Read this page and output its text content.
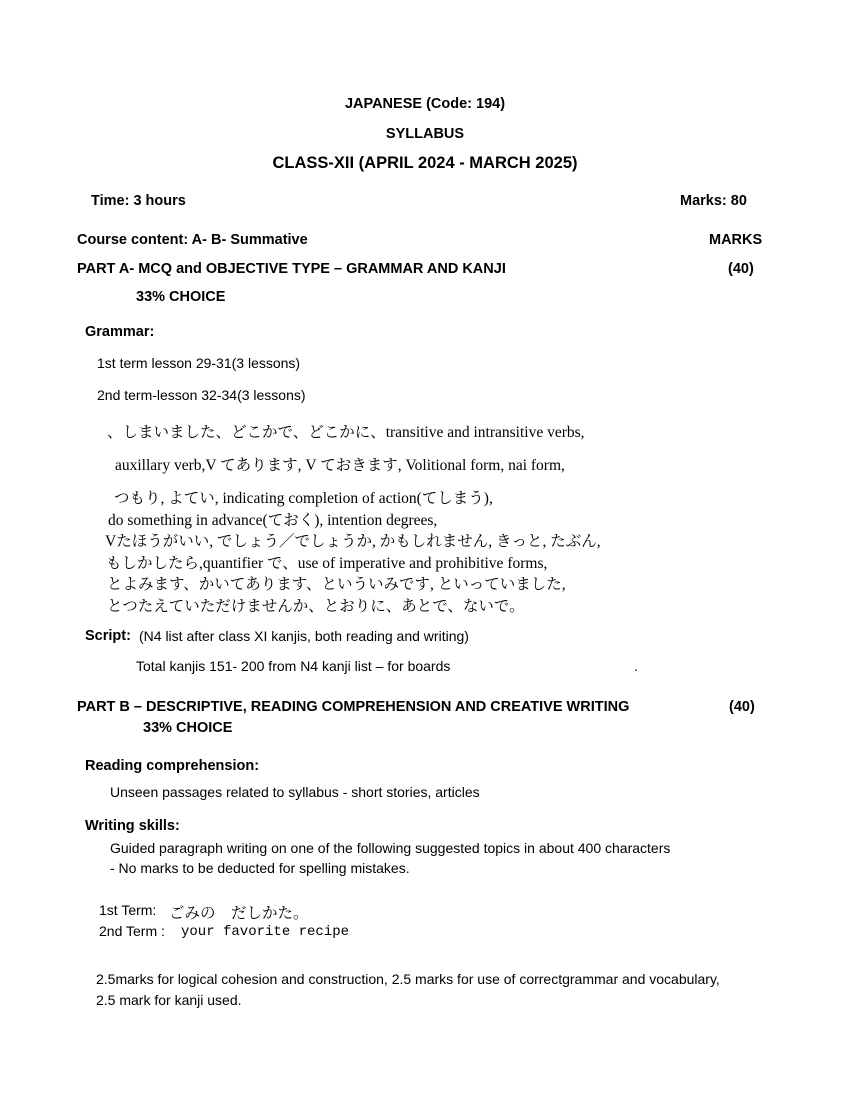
JAPANESE (Code: 194)
SYLLABUS
CLASS-XII (APRIL 2024 - MARCH 2025)
Time: 3 hours	Marks: 80
Course content: A- B- Summative	MARKS
PART A- MCQ and OBJECTIVE TYPE – GRAMMAR AND KANJI	(40)
33% CHOICE
Grammar:
1st term lesson 29-31(3 lessons)
2nd term-lesson 32-34(3 lessons)
、しまいました、どこかで、どこかに、transitive and intransitive verbs,
auxillary verb,V てあります, V ておきます, Volitional form, nai form,
つもり, よてい, indicating completion of action(てしまう),
do something in advance(ておく), intention degrees,
Vたほうがいい, でしょう／でしょうか, かもしれません, きっと, たぶん,
もしかしたら,quantifier で、use of imperative and prohibitive forms,
とよみます、かいてあります、といういみです, といっていました,
とつたえていただけませんか、とおりに、あとで、ないで。
Script: (N4 list after class XI kanjis, both reading and writing)
Total kanjis 151- 200 from N4 kanji list – for boards	.
PART B – DESCRIPTIVE, READING COMPREHENSION AND CREATIVE WRITING	(40)
33% CHOICE
Reading comprehension:
Unseen passages related to syllabus - short stories, articles
Writing skills:
Guided paragraph writing on one of the following suggested topics in about 400 characters
- No marks to be deducted for spelling mistakes.
1st Term: ごみの　だしかた。
2nd Term : your favorite recipe
2.5marks for logical cohesion and construction, 2.5 marks for use of correctgrammar and vocabulary,
2.5 mark for kanji used.
